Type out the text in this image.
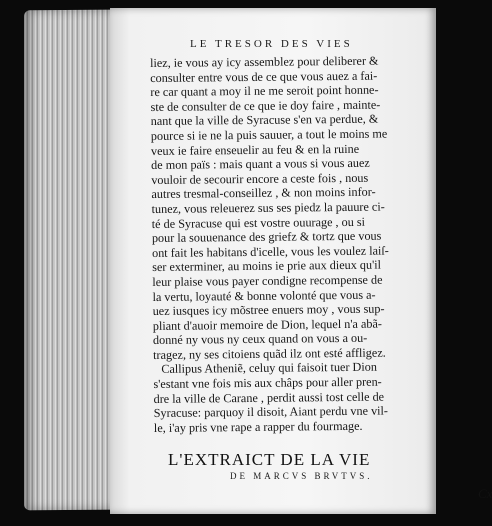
LE TRESOR DES VIES

liez, ie vous ay icy assemblez pour deliberer &
consulter entre vous de ce que vous auez a fai-
re car quant a moy il ne me seroit point honne-
ste de consulter de ce que ie doy faire , mainte-
nant que la ville de Syracuse s'en va perdue, &
pource si ie ne la puis sauuer, a tout le moins me
veux ie faire enseuelir au feu & en la ruine
de mon païs : mais quant a vous si vous auez
vouloir de secourir encore a ceste fois , nous
autres tresmal-conseillez , & non moins infor-
tunez, vous releuerez sus ses piedz la pauure ci-
té de Syracuse qui est vostre ouurage , ou si
pour la souuenance des griefz & tortz que vous
ont fait les habitans d'icelle, vous les voulez laiſ-
ser exterminer, au moins ie prie aux dieux qu'il
leur plaise vous payer condigne recompense de
la vertu, loyauté & bonne volonté que vous a-
uez iusques icy mõstree enuers moy , vous sup-
pliant d'auoir memoire de Dion, lequel n'a abã-
donné ny vous ny ceux quand on vous a ou-
tragez, ny ses citoiens quãd ilz ont esté affligez.
Callipus Atheniẽ, celuy qui faisoit tuer Dion
s'estant vne fois mis aux châps pour aller pren-
dre la ville de Carane , perdit aussi tost celle de
Syracuse: parquoy il disoit, Aiant perdu vne vil-
le, i'ay pris vne rape a rapper du fourmage.

L'EXTRAICT DE LA VIE
DE MARCVS BRVTVS.
Cx
